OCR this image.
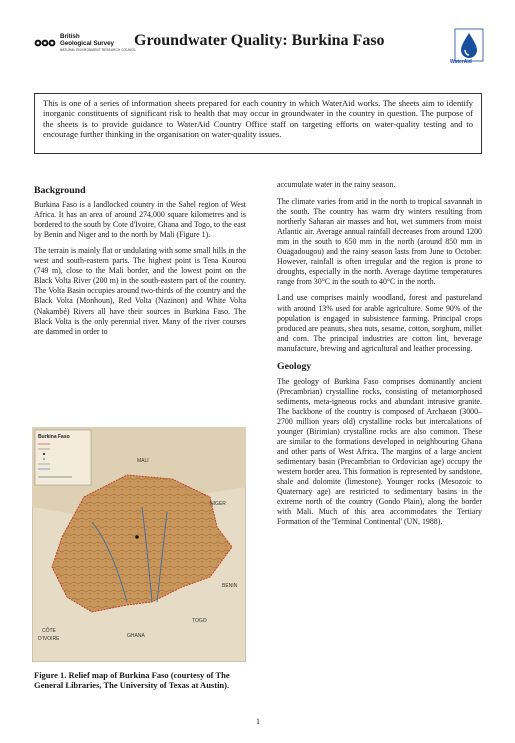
British
Geological Survey
NATURAL ENVIRONMENT RESEARCH COUNCIL
Groundwater Quality: Burkina Faso
WaterAid
This is one of a series of information sheets prepared for each country in which WaterAid works. The sheets aim to identify inorganic constituents of significant risk to health that may occur in groundwater in the country in question. The purpose of the sheets is to provide guidance to WaterAid Country Office staff on targeting efforts on water-quality testing and to encourage further thinking in the organisation on water-quality issues.
Background

Burkina Faso is a landlocked country in the Sahel region of West Africa. It has an area of around 274,000 square kilometres and is bordered to the south by Cote d'Ivoire, Ghana and Togo, to the east by Benin and Niger and to the north by Mali (Figure 1).

The terrain is mainly flat or undulating with some small hills in the west and south-eastern parts. The highest point is Tena Kourou (749 m), close to the Mali border, and the lowest point on the Black Volta River (200 m) in the south-eastern part of the country. The Volta Basin occupies around two-thirds of the country and the Black Volta (Monhoun), Red Volta (Nazinon) and White Volta (Nakambé) Rivers all have their sources in Burkina Faso. The Black Volta is the only perennial river. Many of the river courses are dammed in order to

accumulate water in the rainy season.

The climate varies from arid in the north to tropical savannah in the south. The country has warm dry winters resulting from northerly Saharan air masses and hot, wet summers from moist Atlantic air. Average annual rainfall decreases from around 1200 mm in the south to 650 mm in the north (around 850 mm in Ouagadougou) and the rainy season lasts from June to October. However, rainfall is often irregular and the region is prone to droughts, especially in the north. Average daytime temperatures range from 30°C in the south to 40°C in the north.

Land use comprises mainly woodland, forest and pastureland with around 13% used for arable agriculture. Some 90% of the population is engaged in subsistence farming. Principal crops produced are peanuts, shea nuts, sesame, cotton, sorghum, millet and corn. The principal industries are cotton lint, beverage manufacture, brewing and agricultural and leather processing.

Geology

The geology of Burkina Faso comprises dominantly ancient (Precambrian) crystalline rocks, consisting of metamorphosed sediments, meta-igneous rocks and abundant intrusive granite. The backbone of the country is composed of Archaean (3000–2700 million years old) crystalline rocks but intercalations of younger (Birimian) crystalline rocks are also common. These are similar to the formations developed in neighbouring Ghana and other parts of West Africa. The margins of a large ancient sedimentary basin (Precambrian to Ordovician age) occupy the western border area. This formation is represented by sandstone, shale and dolomite (limestone). Younger rocks (Mesozoic to Quaternary age) are restricted to sedimentary basins in the extreme north of the country (Gondo Plain), along the border with Mali. Much of this area accommodates the Tertiary Formation of the 'Terminal Continental' (UN, 1988).

Burkina Faso
MALI
NIGER
BENIN
TOGO
GHANA
CÔTE
D'IVOIRE
Figure 1. Relief map of Burkina Faso (courtesy of The General Libraries, The University of Texas at Austin).
1
